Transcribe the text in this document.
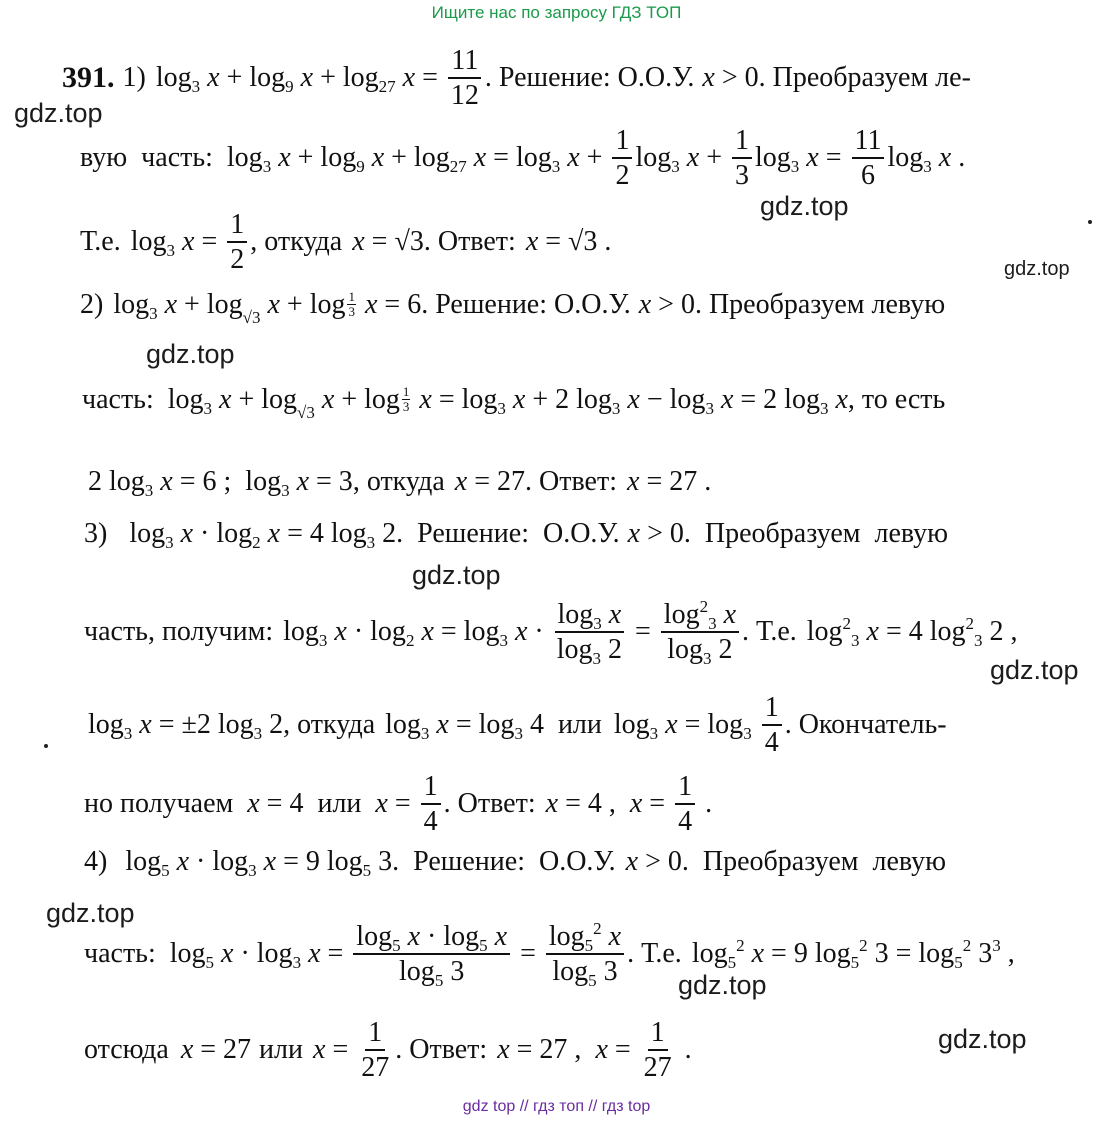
Ищите нас по запросу ГДЗ ТОП
gdz.top
gdz.top
gdz.top
gdz.top
gdz.top
gdz.top
gdz.top
gdz.top
gdz.top
391. 1) $\log_3 x + \log_9 x + \log_{27} x = \frac{11}{12}$ . Решение: О.О.У. x > 0 . Преобразуем ле-
вую  часть: $\log_3 x + \log_9 x + \log_{27} x = \log_3 x + \frac{1}{2} \log_3 x + \frac{1}{3} \log_3 x = \frac{11}{6} \log_3 x$ .
Т.е. $\log_3 x = \frac{1}{2}$ , откуда x = √3 . Ответ: x = √3 .
2) $\log_3 x + \log_{√3} x + \log 1$
3 x = 6 . Решение: О.О.У. x > 0 . Преобразуем левую
часть: $\log_3 x + \log_{√3} x + \log 1$
3 $x = \log_3 x + 2$ $\log_3 x - \log_3 x = 2$ $\log_3 x$ , то есть
2 $\log_3 x = 6$ ;  $\log_3 x = 3$ , откуда x = 27 . Ответ: x = 27 .
3) $\log_3 x \cdot \log_2 x = 4$ $\log_3 2$ .  Решение:  О.О.У. x > 0 .  Преобразуем  левую
часть, получим: $\log_3 x \cdot \log_2 x = \log_3 x \cdot \frac{\log_3 x}{\log_3 2} = \frac{\log^2_3 x}{\log_3 2}$ . Т.е. $\log^2_3 x = 4$ $\log^2_3 2$ ,
$\log_3 x = \pm 2$ $\log_3 2$ , откуда $\log_3 x = \log_3 4$ или $\log_3 x = \log_3 \frac{1}{4}$ . Окончатель-
но получаем x = 4 или $x = \frac{1}{4}$ . Ответ: x = 4 ,  $x = \frac{1}{4}$ .
4) $\log_5 x \cdot \log_3 x = 9$ $\log_5 3$ .  Решение:  О.О.У. x > 0 .  Преобразуем  левую
часть: $\log_5 x \cdot \log_3 x = \frac{\log_5 x \cdot \log_5 x}{\log_5 3} = \frac{\log_5^2 x}{\log_5 3}$ . Т.е. $\log_5^2 x = 9$ $\log_5^2 3 = \log_5^2 3^3$ ,
отсюда x = 27 или $x = \frac{1}{27}$ . Ответ: x = 27 ,  $x = \frac{1}{27}$ .
gdz top // гдз топ // гдз top
